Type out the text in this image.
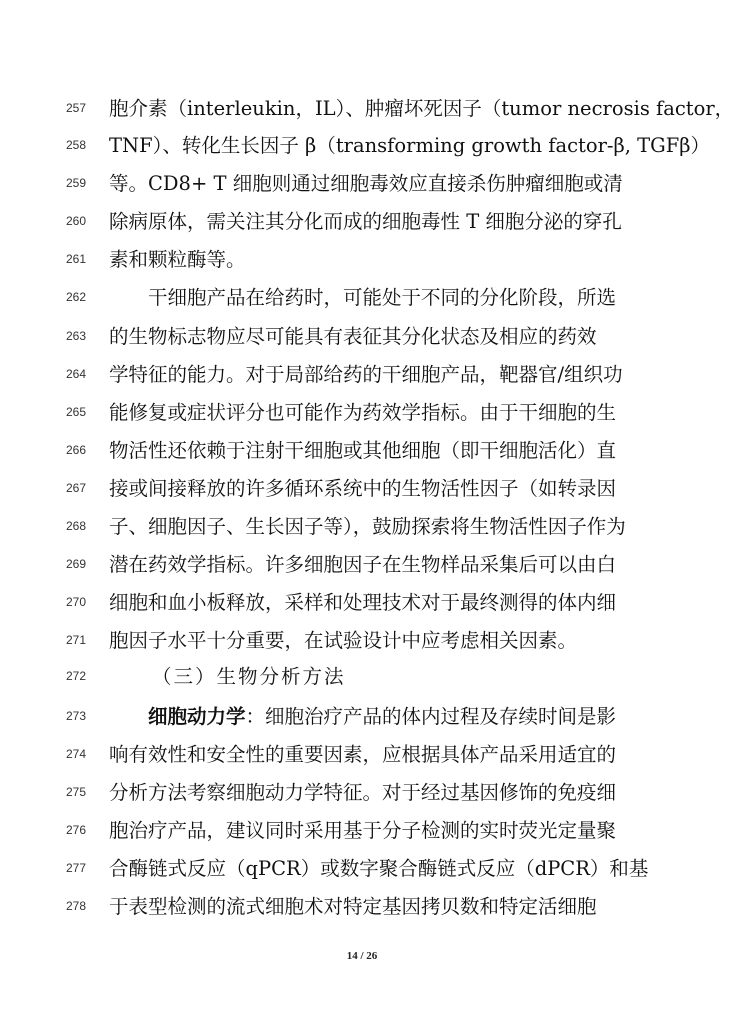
257	胞介素（interleukin，IL）、肿瘤坏死因子（tumor necrosis factor，
258	TNF）、转化生长因子 β（transforming growth factor-β, TGFβ）
259	等。CD8+ T 细胞则通过细胞毒效应直接杀伤肿瘤细胞或清
260	除病原体，需关注其分化而成的细胞毒性 T 细胞分泌的穿孔
261	素和颗粒酶等。
262	干细胞产品在给药时，可能处于不同的分化阶段，所选
263	的生物标志物应尽可能具有表征其分化状态及相应的药效
264	学特征的能力。对于局部给药的干细胞产品，靶器官/组织功
265	能修复或症状评分也可能作为药效学指标。由于干细胞的生
266	物活性还依赖于注射干细胞或其他细胞（即干细胞活化）直
267	接或间接释放的许多循环系统中的生物活性因子（如转录因
268	子、细胞因子、生长因子等），鼓励探索将生物活性因子作为
269	潜在药效学指标。许多细胞因子在生物样品采集后可以由白
270	细胞和血小板释放，采样和处理技术对于最终测得的体内细
271	胞因子水平十分重要，在试验设计中应考虑相关因素。
272	（三）生物分析方法
273	细胞动力学：细胞治疗产品的体内过程及存续时间是影
274	响有效性和安全性的重要因素，应根据具体产品采用适宜的
275	分析方法考察细胞动力学特征。对于经过基因修饰的免疫细
276	胞治疗产品，建议同时采用基于分子检测的实时荧光定量聚
277	合酶链式反应（qPCR）或数字聚合酶链式反应（dPCR）和基
278	于表型检测的流式细胞术对特定基因拷贝数和特定活细胞
14 / 26
